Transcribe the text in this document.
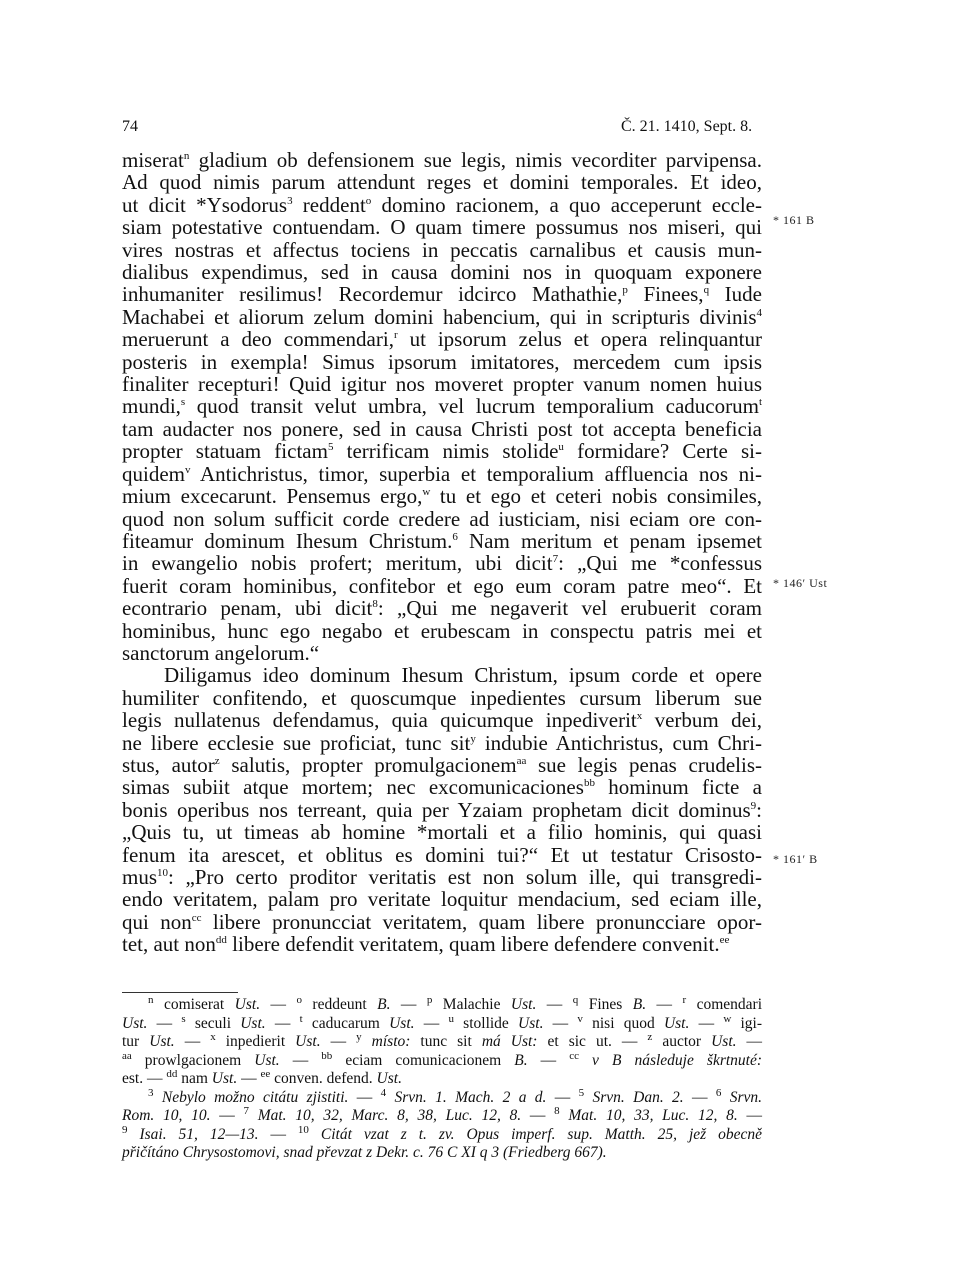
74	Č. 21. 1410, Sept. 8.
miserat$^n$ gladium ob defensionem sue legis, nimis vecorditer parvipensa.
Ad quod nimis parum attendunt reges et domini temporales. Et ideo,
ut dicit *Ysodorus$^3$ reddent$^o$ domino racionem, a quo acceperunt eccle-
siam potestative contuendam. O quam timere possumus nos miseri, qui
vires nostras et affectus tociens in peccatis carnalibus et causis mun-
dialibus expendimus, sed in causa domini nos in quoquam exponere
inhumaniter resilimus! Recordemur idcirco Mathathie,$^p$ Finees,$^q$ Iude
Machabei et aliorum zelum domini habencium, qui in scripturis divinis$^4$
meruerunt a deo commendari,$^r$ ut ipsorum zelus et opera relinquantur
posteris in exempla! Simus ipsorum imitatores, mercedem cum ipsis
finaliter recepturi! Quid igitur nos moveret propter vanum nomen huius
mundi,$^s$ quod transit velut umbra, vel lucrum temporalium caducorum$^t$
tam audacter nos ponere, sed in causa Christi post tot accepta beneficia
propter statuam fictam$^5$ terrificam nimis stolide$^u$ formidare? Certe si-
quidem$^v$ Antichristus, timor, superbia et temporalium affluencia nos ni-
mium excecarunt. Pensemus ergo,$^w$ tu et ego et ceteri nobis consimiles,
quod non solum sufficit corde credere ad iusticiam, nisi eciam ore con-
fiteamur dominum Ihesum Christum.$^6$ Nam meritum et penam ipsemet
in ewangelio nobis profert; meritum, ubi dicit$^7$: „Qui me *confessus
fuerit coram hominibus, confitebor et ego eum coram patre meo“. Et
econtrario penam, ubi dicit$^8$: „Qui me negaverit vel erubuerit coram
hominibus, hunc ego negabo et erubescam in conspectu patris mei et
sanctorum angelorum.“
Diligamus ideo dominum Ihesum Christum, ipsum corde et opere
humiliter confitendo, et quoscumque inpedientes cursum liberum sue
legis nullatenus defendamus, quia quicumque inpediverit$^x$ verbum dei,
ne libere ecclesie sue proficiat, tunc sit$^y$ indubie Antichristus, cum Chri-
stus, autor$^z$ salutis, propter promulgacionem$^{aa}$ sue legis penas crudelis-
simas subiit atque mortem; nec excomunicaciones$^{bb}$ hominum ficte a
bonis operibus nos terreant, quia per Yzaiam prophetam dicit dominus$^9$:
„Quis tu, ut timeas ab homine *mortali et a filio hominis, qui quasi
fenum ita arescet, et oblitus es domini tui?“ Et ut testatur Crisosto-
mus$^{10}$: „Pro certo proditor veritatis est non solum ille, qui transgredi-
endo veritatem, palam pro veritate loquitur mendacium, sed eciam ille,
qui non$^{cc}$ libere pronuncciat veritatem, quam libere pronuncciare opor-
tet, aut non$^{dd}$ libere defendit veritatem, quam libere defendere convenit.$^{ee}$
* 161 B
* 146′ Ust
* 161′ B
$^n$ comiserat Ust. — $^o$ reddeunt B. — $^p$ Malachie Ust. — $^q$ Fines B. — $^r$ comendari
Ust. — $^s$ seculi Ust. — $^t$ caducarum Ust. — $^u$ stollide Ust. — $^v$ nisi quod Ust. — $^w$ igi-
tur Ust. — $^x$ inpedierit Ust. — $^y$ místo: tunc sit má Ust: et sic ut. — $^z$ auctor Ust. —
$^{aa}$ prowlgacionem Ust. — $^{bb}$ eciam comunicacionem B. — $^{cc}$ v B následuje škrtnuté:
est. — $^{dd}$ nam Ust. — $^{ee}$ conven. defend. Ust.
$^3$ Nebylo možno citátu zjistiti. — $^4$ Srvn. 1. Mach. 2 a d. — $^5$ Srvn. Dan. 2. — $^6$ Srvn.
Rom. 10, 10. — $^7$ Mat. 10, 32, Marc. 8, 38, Luc. 12, 8. — $^8$ Mat. 10, 33, Luc. 12, 8. —
$^9$ Isai. 51, 12—13. — $^{10}$ Citát vzat z t. zv. Opus imperf. sup. Matth. 25, jež obecně
přičítáno Chrysostomovi, snad převzat z Dekr. c. 76 C XI q 3 (Friedberg 667).
